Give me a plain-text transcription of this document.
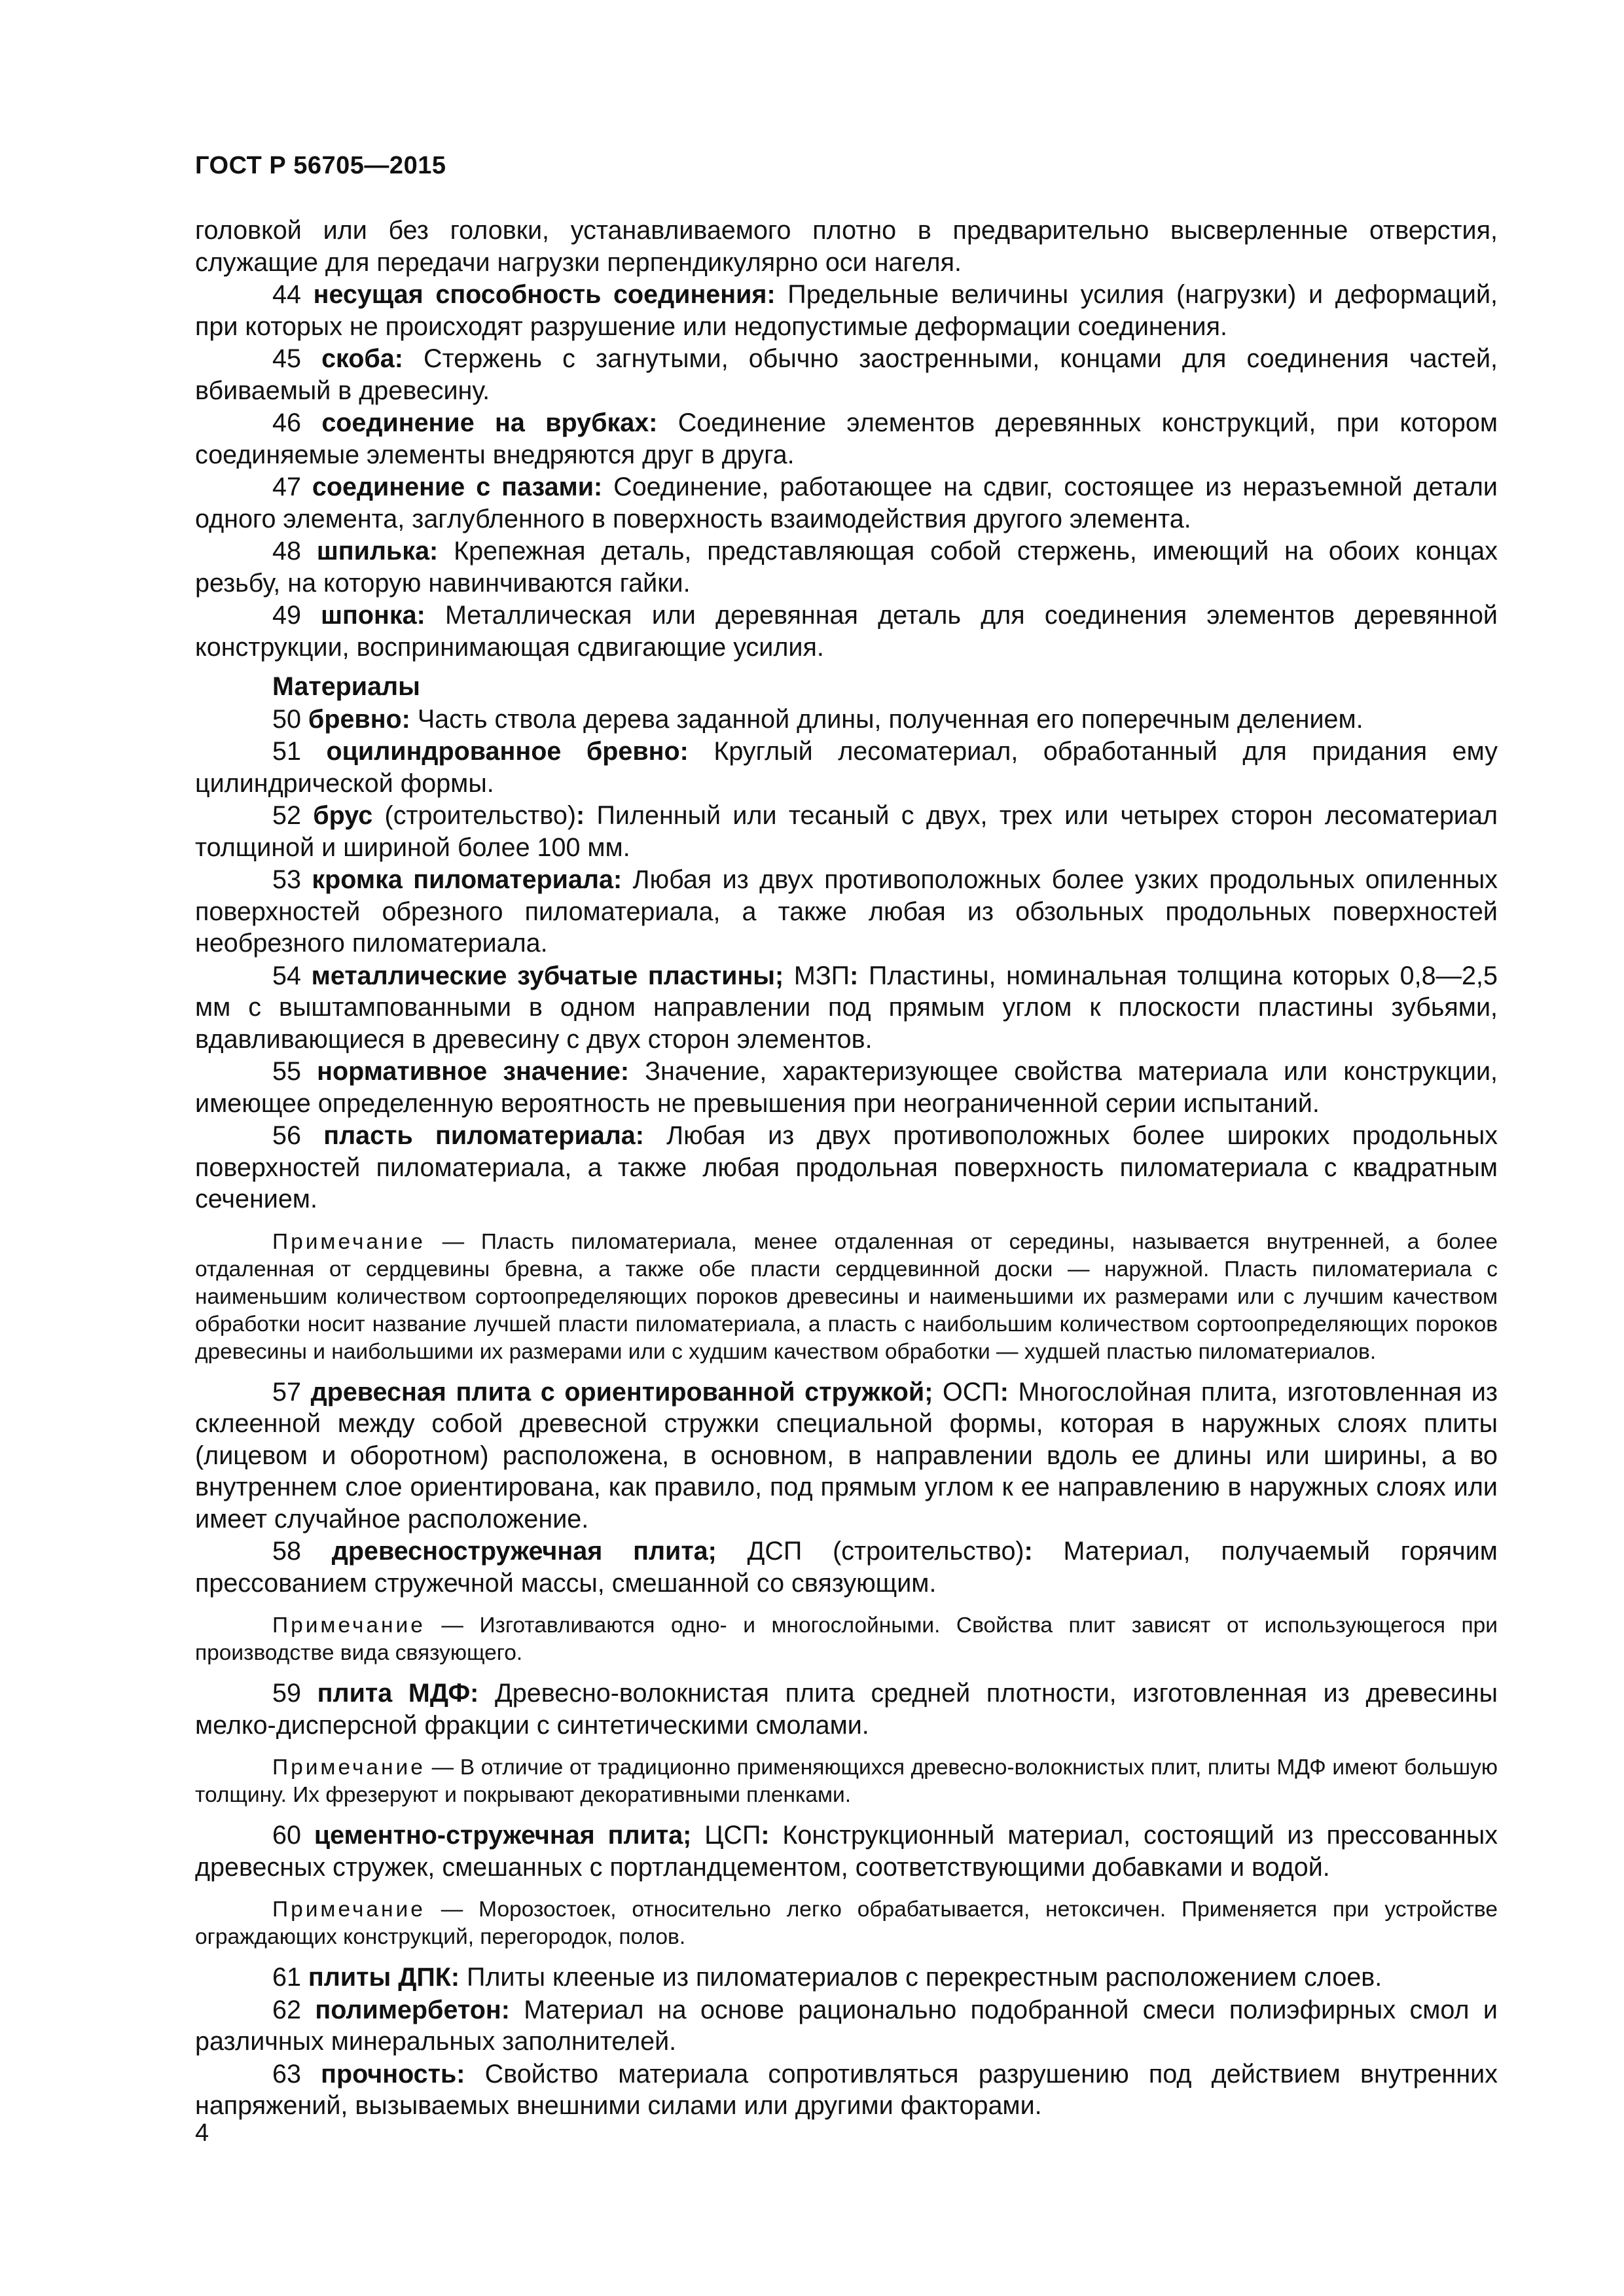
ГОСТ Р 56705—2015

головкой или без головки, устанавливаемого плотно в предварительно высверленные отверстия, служащие для передачи нагрузки перпендикулярно оси нагеля.

44 несущая способность соединения: Предельные величины усилия (нагрузки) и деформаций, при которых не происходят разрушение или недопустимые деформации соединения.

45 скоба: Стержень с загнутыми, обычно заостренными, концами для соединения частей, вбиваемый в древесину.

46 соединение на врубках: Соединение элементов деревянных конструкций, при котором соединяемые элементы внедряются друг в друга.

47 соединение с пазами: Соединение, работающее на сдвиг, состоящее из неразъемной детали одного элемента, заглубленного в поверхность взаимодействия другого элемента.

48 шпилька: Крепежная деталь, представляющая собой стержень, имеющий на обоих концах резьбу, на которую навинчиваются гайки.

49 шпонка: Металлическая или деревянная деталь для соединения элементов деревянной конструкции, воспринимающая сдвигающие усилия.

Материалы

50 бревно: Часть ствола дерева заданной длины, полученная его поперечным делением.

51 оцилиндрованное бревно: Круглый лесоматериал, обработанный для придания ему цилиндрической формы.

52 брус (строительство): Пиленный или тесаный с двух, трех или четырех сторон лесоматериал толщиной и шириной более 100 мм.

53 кромка пиломатериала: Любая из двух противоположных более узких продольных опиленных поверхностей обрезного пиломатериала, а также любая из обзольных продольных поверхностей необрезного пиломатериала.

54 металлические зубчатые пластины; МЗП: Пластины, номинальная толщина которых 0,8—2,5 мм с выштампованными в одном направлении под прямым углом к плоскости пластины зубьями, вдавливающиеся в древесину с двух сторон элементов.

55 нормативное значение: Значение, характеризующее свойства материала или конструкции, имеющее определенную вероятность не превышения при неограниченной серии испытаний.

56 пласть пиломатериала: Любая из двух противоположных более широких продольных поверхностей пиломатериала, а также любая продольная поверхность пиломатериала с квадратным сечением.

Примечание — Пласть пиломатериала, менее отдаленная от середины, называется внутренней, а более отдаленная от сердцевины бревна, а также обе пласти сердцевинной доски — наружной. Пласть пиломатериала с наименьшим количеством сортоопределяющих пороков древесины и наименьшими их размерами или с лучшим качеством обработки носит название лучшей пласти пиломатериала, а пласть с наибольшим количеством сортоопределяющих пороков древесины и наибольшими их размерами или с худшим качеством обработки — худшей пластью пиломатериалов.

57 древесная плита с ориентированной стружкой; ОСП: Многослойная плита, изготовленная из склеенной между собой древесной стружки специальной формы, которая в наружных слоях плиты (лицевом и оборотном) расположена, в основном, в направлении вдоль ее длины или ширины, а во внутреннем слое ориентирована, как правило, под прямым углом к ее направлению в наружных слоях или имеет случайное расположение.

58 древесностружечная плита; ДСП (строительство): Материал, получаемый горячим прессованием стружечной массы, смешанной со связующим.

Примечание — Изготавливаются одно- и многослойными. Свойства плит зависят от использующегося при производстве вида связующего.

59 плита МДФ: Древесно-волокнистая плита средней плотности, изготовленная из древесины мелко-дисперсной фракции с синтетическими смолами.

Примечание — В отличие от традиционно применяющихся древесно-волокнистых плит, плиты МДФ имеют большую толщину. Их фрезеруют и покрывают декоративными пленками.

60 цементно-стружечная плита; ЦСП: Конструкционный материал, состоящий из прессованных древесных стружек, смешанных с портландцементом, соответствующими добавками и водой.

Примечание — Морозостоек, относительно легко обрабатывается, нетоксичен. Применяется при устройстве ограждающих конструкций, перегородок, полов.

61 плиты ДПК: Плиты клееные из пиломатериалов с перекрестным расположением слоев.

62 полимербетон: Материал на основе рационально подобранной смеси полиэфирных смол и различных минеральных заполнителей.

63 прочность: Свойство материала сопротивляться разрушению под действием внутренних напряжений, вызываемых внешними силами или другими факторами.

4
